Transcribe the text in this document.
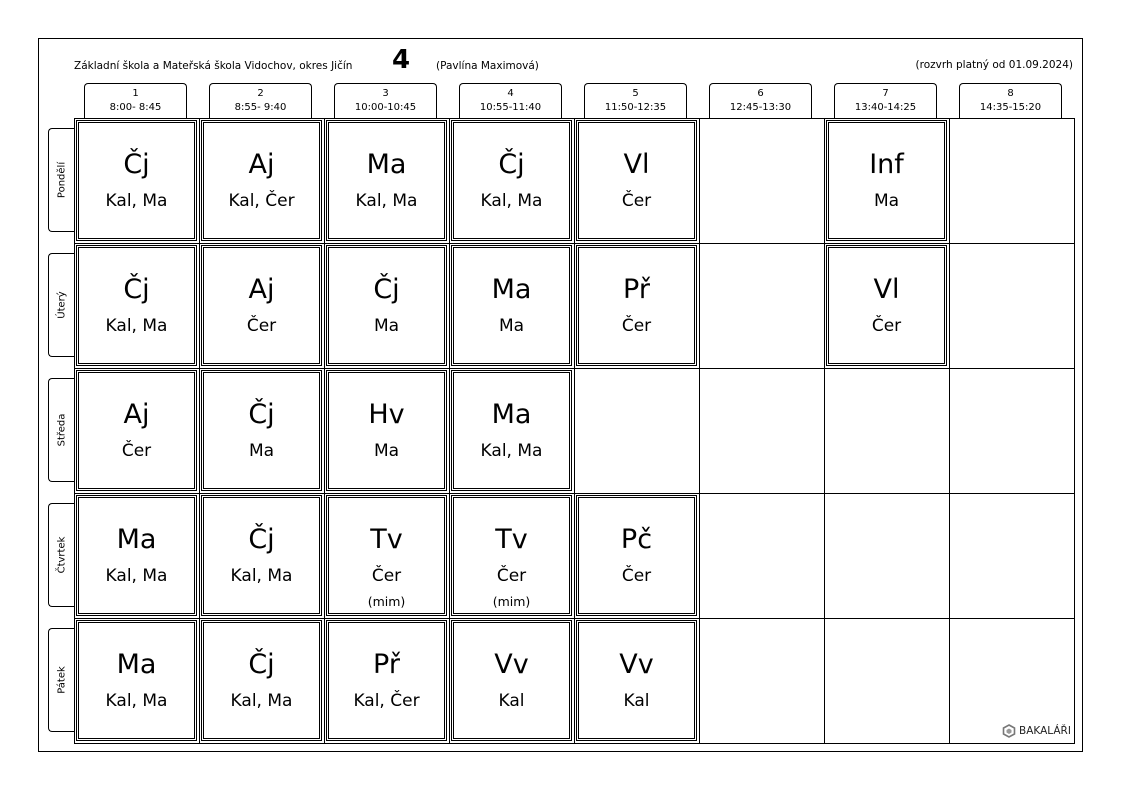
Základní škola a Mateřská škola Vidochov, okres Jičín 4 (Pavlína Maximová)	(rozvrh platný od 01.09.2024)
1
8:00- 8:45
2
8:55- 9:40
3
10:00-10:45
4
10:55-11:40
5
11:50-12:35
6
12:45-13:30
7
13:40-14:25
8
14:35-15:20
Pondělí
Úterý
Středa
Čtvrtek
Pátek
Čj
Kal, Ma
Aj
Kal, Čer
Ma
Kal, Ma
Čj
Kal, Ma
Vl
Čer
Inf
Ma
Čj
Kal, Ma
Aj
Čer
Čj
Ma
Ma
Ma
Př
Čer
Vl
Čer
Aj
Čer
Čj
Ma
Hv
Ma
Ma
Kal, Ma
Ma
Kal, Ma
Čj
Kal, Ma
Tv
Čer
(mim)
Tv
Čer
(mim)
Pč
Čer
Ma
Kal, Ma
Čj
Kal, Ma
Př
Kal, Čer
Vv
Kal
Vv
Kal
BAKALÁŘI
